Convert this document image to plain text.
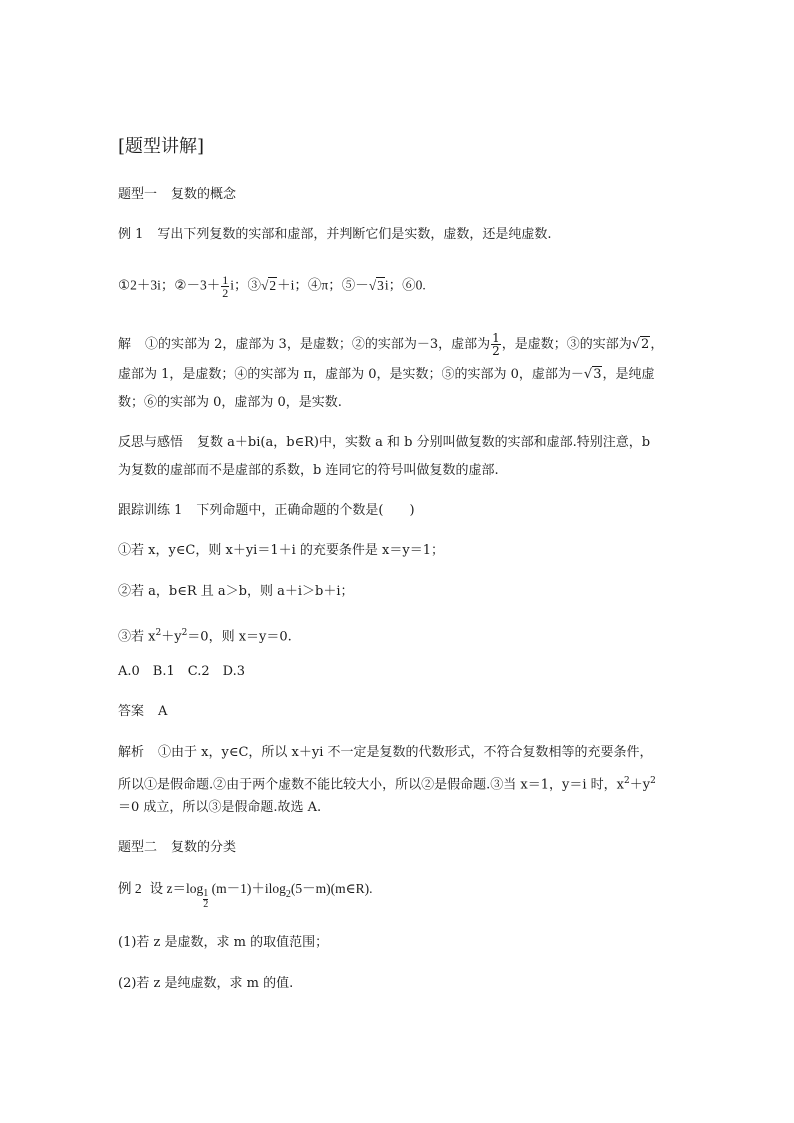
[题型讲解]
题型一 复数的概念
例 1 写出下列复数的实部和虚部，并判断它们是实数，虚数，还是纯虚数.
①2＋3i；②－3＋ $\frac{1}{2}$ i；③√2＋i；④π；⑤－√3i；⑥0.
解 ①的实部为 2，虚部为 3，是虚数；②的实部为－3，虚部为 $\frac{1}{2}$ ，是虚数；③的实部为√2，
虚部为 1，是虚数；④的实部为 π，虚部为 0，是实数；⑤的实部为 0，虚部为－√3，是纯虚
数；⑥的实部为 0，虚部为 0，是实数.
反思与感悟 复数 a＋bi(a，b∈R)中，实数 a 和 b 分别叫做复数的实部和虚部.特别注意，b
为复数的虚部而不是虚部的系数，b 连同它的符号叫做复数的虚部.
跟踪训练 1 下列命题中，正确命题的个数是(　　)
①若 x，y∈C，则 x＋yi＝1＋i 的充要条件是 x＝y＝1；
②若 a，b∈R 且 a＞b，则 a＋i＞b＋i；
③若 $x^2+y^2=0$，则 x＝y＝0.
A.0　B.1　C.2　D.3
答案 A
解析 ①由于 x，y∈C，所以 x＋yi 不一定是复数的代数形式，不符合复数相等的充要条件，
所以①是假命题.②由于两个虚数不能比较大小，所以②是假命题.③当 x＝1，y＝i 时，$x^2+y^2$
＝0 成立，所以③是假命题.故选 A.
题型二 复数的分类
例 2 设 z＝log
$\frac{1}{2}$
(m－1)＋ilog$_2$(5－m)(m∈R).
(1)若 z 是虚数，求 m 的取值范围；
(2)若 z 是纯虚数，求 m 的值.
